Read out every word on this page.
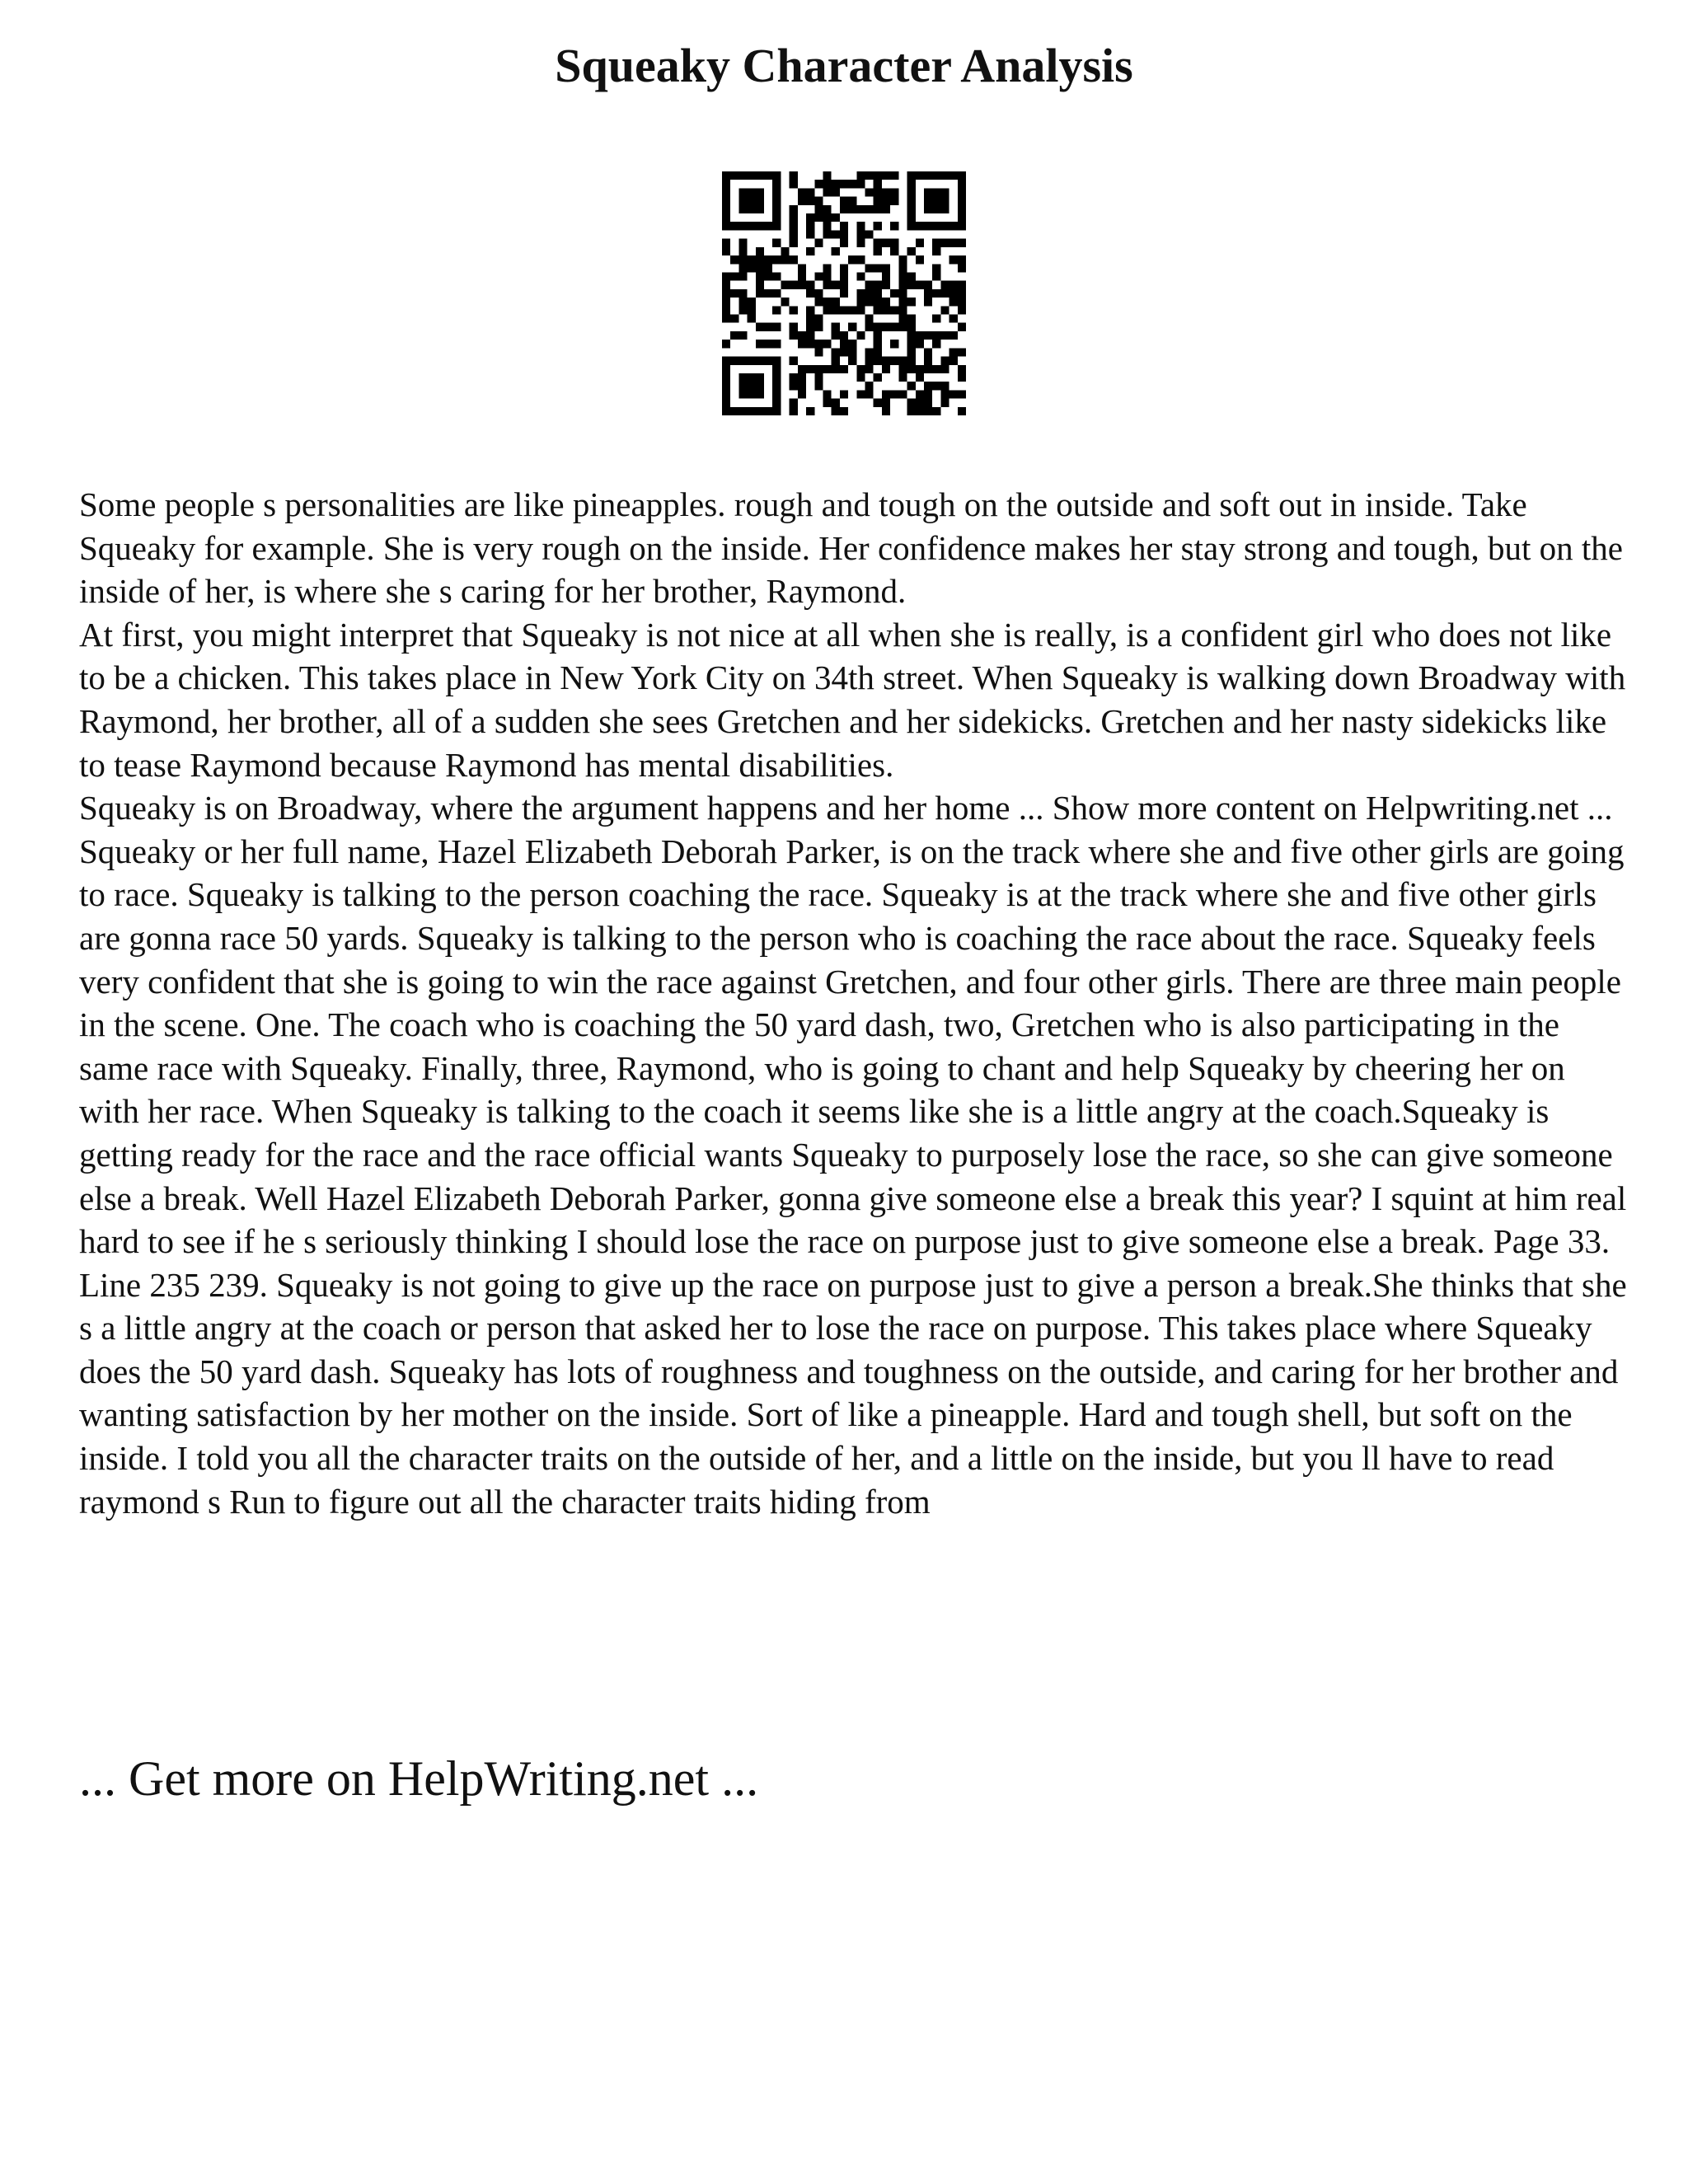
Squeaky Character Analysis

Some people s personalities are like pineapples. rough and tough on the outside and soft out in inside. Take Squeaky for example. She is very rough on the inside. Her confidence makes her stay strong and tough, but on the inside of her, is where she s caring for her brother, Raymond.

At first, you might interpret that Squeaky is not nice at all when she is really, is a confident girl who does not like to be a chicken. This takes place in New York City on 34th street. When Squeaky is walking down Broadway with Raymond, her brother, all of a sudden she sees Gretchen and her sidekicks. Gretchen and her nasty sidekicks like to tease Raymond because Raymond has mental disabilities.

Squeaky is on Broadway, where the argument happens and her home ... Show more content on Helpwriting.net ...

Squeaky or her full name, Hazel Elizabeth Deborah Parker, is on the track where she and five other girls are going to race. Squeaky is talking to the person coaching the race. Squeaky is at the track where she and five other girls are gonna race 50 yards. Squeaky is talking to the person who is coaching the race about the race. Squeaky feels very confident that she is going to win the race against Gretchen, and four other girls. There are three main people in the scene. One. The coach who is coaching the 50 yard dash, two, Gretchen who is also participating in the same race with Squeaky. Finally, three, Raymond, who is going to chant and help Squeaky by cheering her on with her race. When Squeaky is talking to the coach it seems like she is a little angry at the coach.Squeaky is getting ready for the race and the race official wants Squeaky to purposely lose the race, so she can give someone else a break. Well Hazel Elizabeth Deborah Parker, gonna give someone else a break this year? I squint at him real hard to see if he s seriously thinking I should lose the race on purpose just to give someone else a break. Page 33. Line 235 239. Squeaky is not going to give up the race on purpose just to give a person a break.She thinks that she s a little angry at the coach or person that asked her to lose the race on purpose. This takes place where Squeaky does the 50 yard dash. Squeaky has lots of roughness and toughness on the outside, and caring for her brother and wanting satisfaction by her mother on the inside. Sort of like a pineapple. Hard and tough shell, but soft on the inside. I told you all the character traits on the outside of her, and a little on the inside, but you ll have to read raymond s Run to figure out all the character traits hiding from

... Get more on HelpWriting.net ...
